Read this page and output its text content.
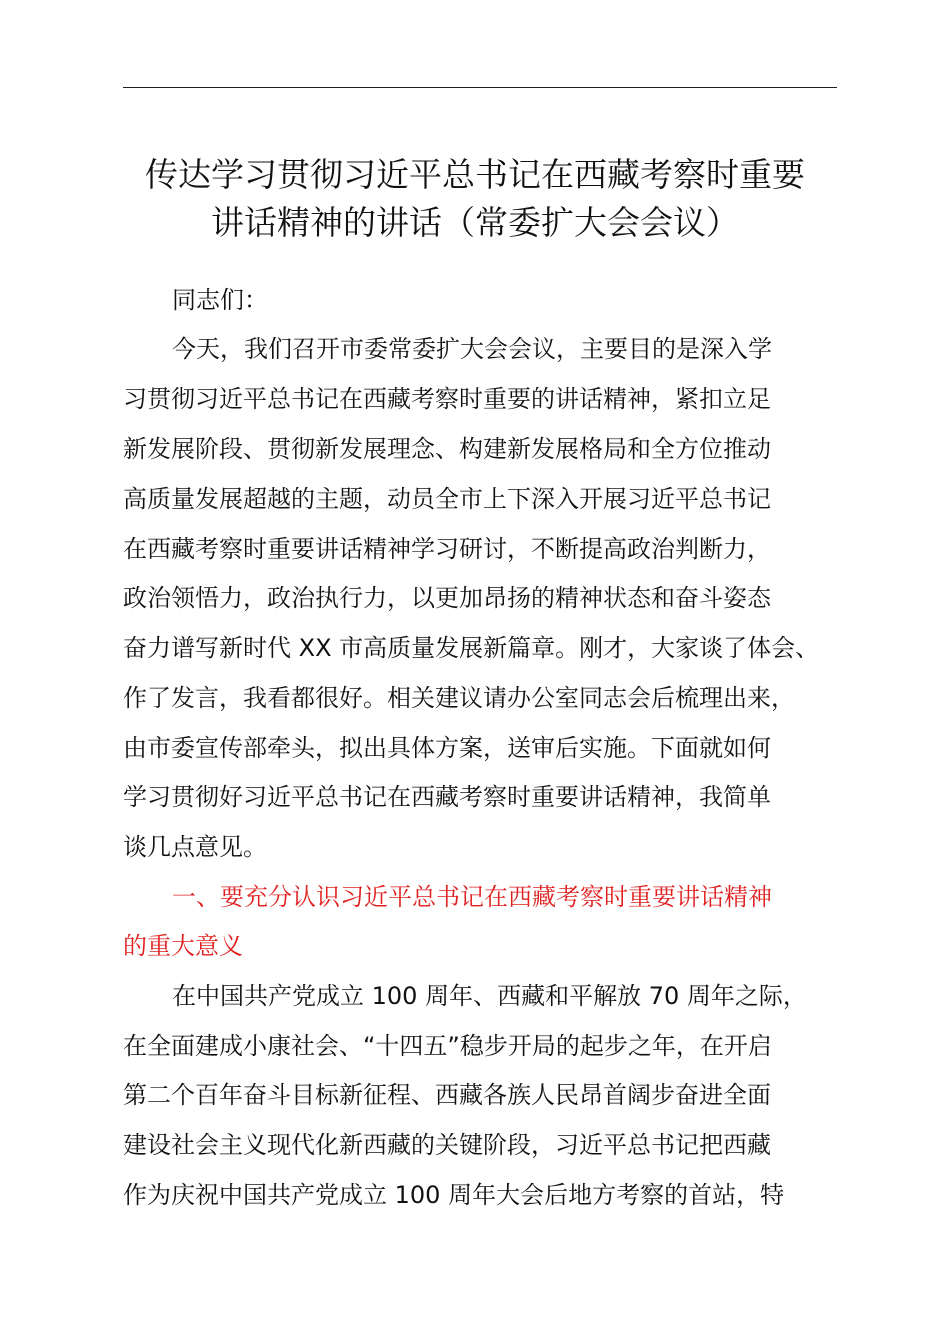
传达学习贯彻习近平总书记在西藏考察时重要
讲话精神的讲话（常委扩大会会议）
同志们：
今天，我们召开市委常委扩大会会议，主要目的是深入学
习贯彻习近平总书记在西藏考察时重要的讲话精神，紧扣立足
新发展阶段、贯彻新发展理念、构建新发展格局和全方位推动
高质量发展超越的主题，动员全市上下深入开展习近平总书记
在西藏考察时重要讲话精神学习研讨，不断提高政治判断力，
政治领悟力，政治执行力，以更加昂扬的精神状态和奋斗姿态
奋力谱写新时代 XX 市高质量发展新篇章。刚才，大家谈了体会、
作了发言，我看都很好。相关建议请办公室同志会后梳理出来，
由市委宣传部牵头，拟出具体方案，送审后实施。下面就如何
学习贯彻好习近平总书记在西藏考察时重要讲话精神，我简单
谈几点意见。
一、要充分认识习近平总书记在西藏考察时重要讲话精神
的重大意义
在中国共产党成立 100 周年、西藏和平解放 70 周年之际，
在全面建成小康社会、“十四五”稳步开局的起步之年，在开启
第二个百年奋斗目标新征程、西藏各族人民昂首阔步奋进全面
建设社会主义现代化新西藏的关键阶段，习近平总书记把西藏
作为庆祝中国共产党成立 100 周年大会后地方考察的首站，特
